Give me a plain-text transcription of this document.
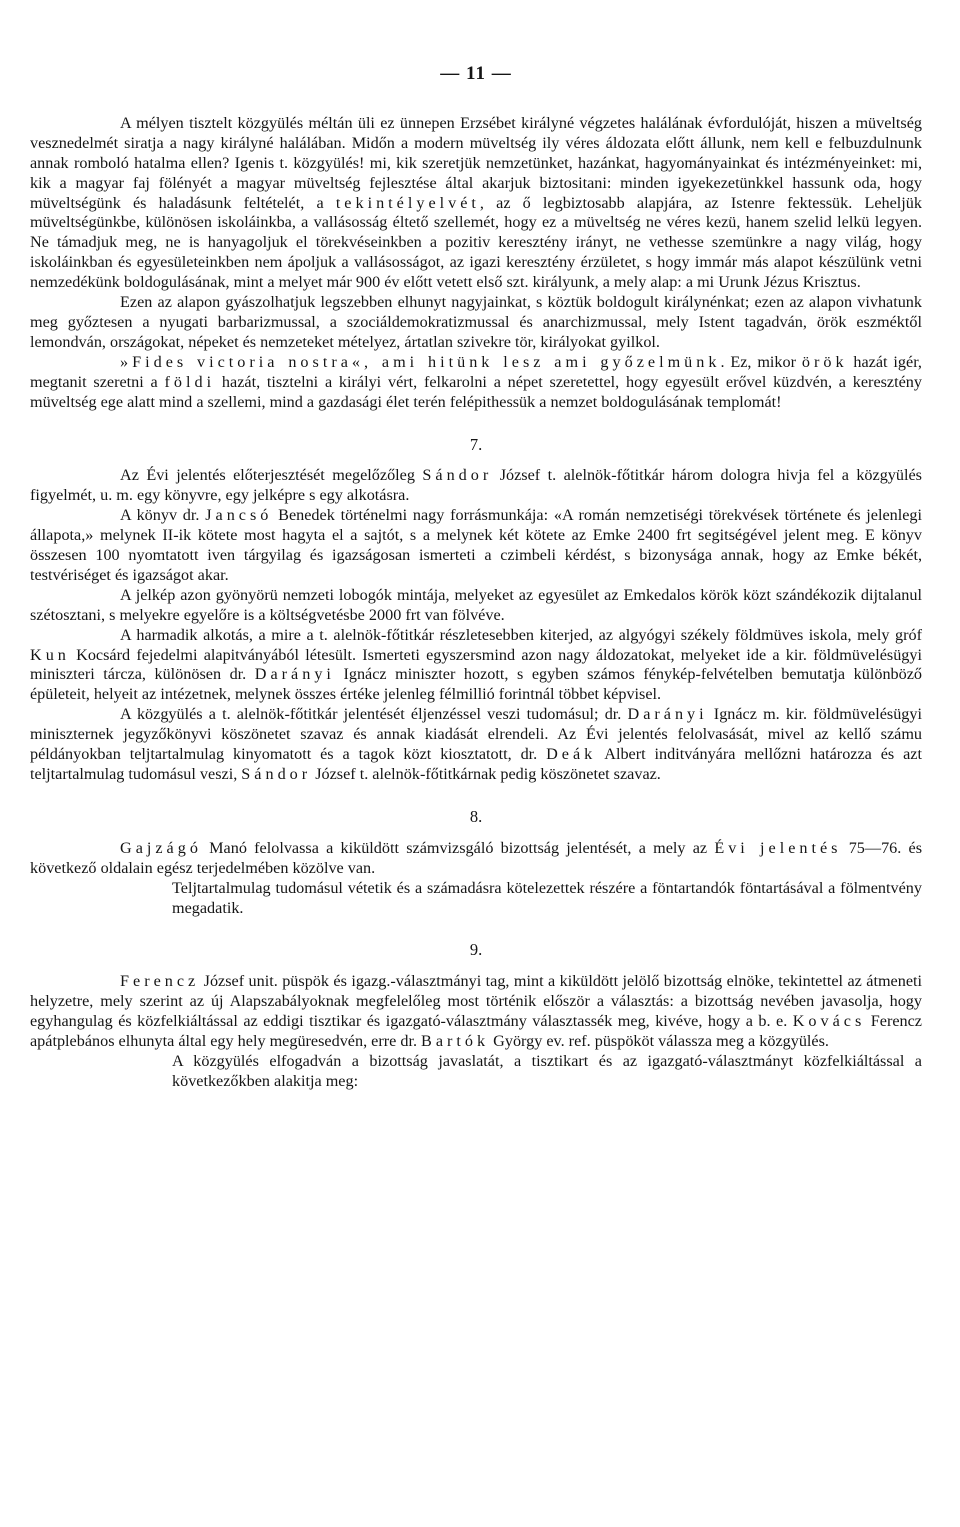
— 11 —

A mélyen tisztelt közgyülés méltán üli ez ünnepen Erzsébet királyné végzetes halálának évfordulóját, hiszen a müveltség vesznedelmét siratja a nagy királyné halálában. Midőn a modern müveltség ily véres áldozata előtt állunk, nem kell e felbuzdulnunk annak romboló hatalma ellen? Igenis t. közgyülés! mi, kik szeretjük nemzetünket, hazánkat, hagyományainkat és intézményeinket: mi, kik a magyar faj fölényét a magyar müveltség fejlesztése által akarjuk biztositani: minden igyekezetünkkel hassunk oda, hogy müveltségünk és haladásunk feltételét, a tekintélyelvét, az ő legbiztosabb alapjára, az Istenre fektessük. Leheljük müveltségünkbe, különösen iskoláinkba, a vallásosság éltető szellemét, hogy ez a müveltség ne véres kezü, hanem szelid lelkü legyen. Ne támadjuk meg, ne is hanyagoljuk el törekvéseinkben a pozitiv keresztény irányt, ne vethesse szemünkre a nagy világ, hogy iskoláinkban és egyesületeinkben nem ápoljuk a vallásosságot, az igazi keresztény érzületet, s hogy immár más alapot készülünk vetni nemzedékünk boldogulásának, mint a melyet már 900 év előtt vetett első szt. királyunk, a mely alap: a mi Urunk Jézus Krisztus.

Ezen az alapon gyászolhatjuk legszebben elhunyt nagyjainkat, s köztük boldogult királynénkat; ezen az alapon vivhatunk meg győztesen a nyugati barbarizmussal, a szociáldemokratizmussal és anarchizmussal, mely Istent tagadván, örök eszméktől lemondván, országokat, népeket és nemzeteket mételyez, ártatlan szivekre tör, királyokat gyilkol.

»Fides victoria nostra«, ami hitünk lesz ami győzelmünk. Ez, mikor örök hazát igér, megtanit szeretni a földi hazát, tisztelni a királyi vért, felkarolni a népet szeretettel, hogy egyesült erővel küzdvén, a keresztény müveltség ege alatt mind a szellemi, mind a gazdasági élet terén felépithessük a nemzet boldogulásának templomát!

7.

Az Évi jelentés előterjesztését megelőzőleg Sándor József t. alelnök-főtitkár három dologra hivja fel a közgyülés figyelmét, u. m. egy könyvre, egy jelképre s egy alkotásra.

A könyv dr. Jancsó Benedek történelmi nagy forrásmunkája: «A román nemzetiségi törekvések története és jelenlegi állapota,» melynek II-ik kötete most hagyta el a sajtót, s a melynek két kötete az Emke 2400 frt segitségével jelent meg. E könyv összesen 100 nyomtatott iven tárgyilag és igazságosan ismerteti a czimbeli kérdést, s bizonysága annak, hogy az Emke békét, testvériséget és igazságot akar.

A jelkép azon gyönyörü nemzeti lobogók mintája, melyeket az egyesület az Emkedalos körök közt szándékozik dijtalanul szétosztani, s melyekre egyelőre is a költségvetésbe 2000 frt van fölvéve.

A harmadik alkotás, a mire a t. alelnök-főtitkár részletesebben kiterjed, az algyógyi székely földmüves iskola, mely gróf Kun Kocsárd fejedelmi alapitványából létesült. Ismerteti egyszersmind azon nagy áldozatokat, melyeket ide a kir. földmüvelésügyi miniszteri tárcza, különösen dr. Darányi Ignácz miniszter hozott, s egyben számos fénykép-felvételben bemutatja különböző épületeit, helyeit az intézetnek, melynek összes értéke jelenleg félmillió forintnál többet képvisel.

A közgyülés a t. alelnök-főtitkár jelentését éljenzéssel veszi tudomásul; dr. Darányi Ignácz m. kir. földmüvelésügyi miniszternek jegyzőkönyvi köszönetet szavaz és annak kiadását elrendeli. Az Évi jelentés felolvasását, mivel az kellő számu példányokban teljtartalmulag kinyomatott és a tagok közt kiosztatott, dr. Deák Albert inditványára mellőzni határozza és azt teljtartalmulag tudomásul veszi, Sándor József t. alelnök-főtitkárnak pedig köszönetet szavaz.

8.

Gajzágó Manó felolvassa a kiküldött számvizsgáló bizottság jelentését, a mely az Évi jelentés 75—76. és következő oldalain egész terjedelmében közölve van.

Teljtartalmulag tudomásul vétetik és a számadásra kötelezettek részére a föntartandók föntartásával a fölmentvény megadatik.

9.

Ferencz József unit. püspök és igazg.-választmányi tag, mint a kiküldött jelölő bizottság elnöke, tekintettel az átmeneti helyzetre, mely szerint az új Alapszabályoknak megfelelőleg most történik először a választás: a bizottság nevében javasolja, hogy egyhangulag és közfelkiáltással az eddigi tisztikar és igazgató-választmány választassék meg, kivéve, hogy a b. e. Kovács Ferencz apátplebános elhunyta által egy hely megüresedvén, erre dr. Bartók György ev. ref. püspököt válassza meg a közgyülés.

A közgyülés elfogadván a bizottság javaslatát, a tisztikart és az igazgató-választmányt közfelkiáltással a következőkben alakitja meg:
